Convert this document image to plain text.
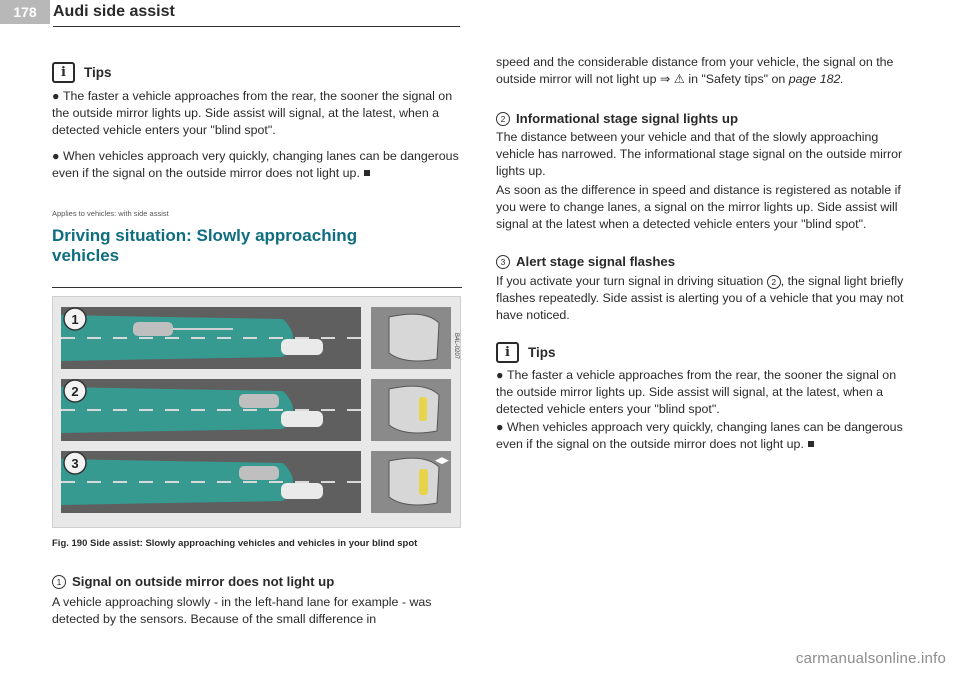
178	Audi side assist
i	Tips

● The faster a vehicle approaches from the rear, the sooner the signal on the outside mirror lights up. Side assist will signal, at the latest, when a detected vehicle enters your "blind spot".

● When vehicles approach very quickly, changing lanes can be dangerous even if the signal on the outside mirror does not light up.

Applies to vehicles: with side assist
Driving situation: Slowly approaching
vehicles
Fig. 190 Side assist: Slowly approaching vehicles and vehicles in your blind spot
1 Signal on outside mirror does not light up

A vehicle approaching slowly - in the left-hand lane for example - was detected by the sensors. Because of the small difference in

◀▶
1
2
3
B4L-0207

speed and the considerable distance from your vehicle, the signal on the outside mirror will not light up ⇒ ⚠ in "Safety tips" on page 182.

2 Informational stage signal lights up

The distance between your vehicle and that of the slowly approaching vehicle has narrowed. The informational stage signal on the outside mirror lights up.

As soon as the difference in speed and distance is registered as notable if you were to change lanes, a signal on the mirror lights up. Side assist will signal at the latest when a detected vehicle enters your "blind spot".

3 Alert stage signal flashes

If you activate your turn signal in driving situation 2 , the signal light briefly flashes repeatedly. Side assist is alerting you of a vehicle that you may not have noticed.

i	Tips

● The faster a vehicle approaches from the rear, the sooner the signal on the outside mirror lights up. Side assist will signal, at the latest, when a detected vehicle enters your "blind spot".

● When vehicles approach very quickly, changing lanes can be dangerous even if the signal on the outside mirror does not light up.

carmanualsonline.info
